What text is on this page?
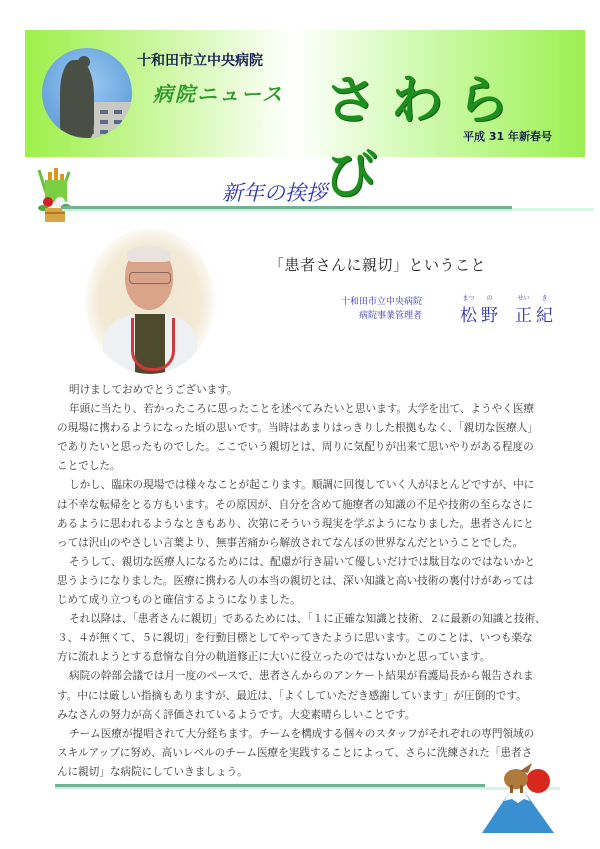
十和田市立中央病院
病院ニュース さわらび
平成 31 年新春号
新年の挨拶
「患者さんに親切」ということ
十和田市立中央病院
病院事業管理者
まつ	の	せい	き
松 野 正 紀
明けましておめでとうございます。
年頭に当たり、若かったころに思ったことを述べてみたいと思います。大学を出て、ようやく医療
の現場に携わるようになった頃の思いです。当時はあまりはっきりした根拠もなく、「親切な医療人」
でありたいと思ったものでした。ここでいう親切とは、周りに気配りが出来て思いやりがある程度の
ことでした。
しかし、臨床の現場では様々なことが起こります。順調に回復していく人がほとんどですが、中に
は不幸な転帰をとる方もいます。その原因が、自分を含めて施療者の知識の不足や技術の至らなさに
あるように思われるようなときもあり、次第にそういう現実を学ぶようになりました。患者さんにと
っては沢山のやさしい言葉より、無事苦痛から解放されてなんぼの世界なんだということでした。
そうして、親切な医療人になるためには、配慮が行き届いて優しいだけでは駄目なのではないかと
思うようになりました。医療に携わる人の本当の親切とは、深い知識と高い技術の裏付けがあっては
じめて成り立つものと確信するようになりました。
それ以降は、「患者さんに親切」であるためには、「１に正確な知識と技術、２に最新の知識と技術、
３、４が無くて、５に親切」を行動目標としてやってきたように思います。このことは、いつも楽な
方に流れようとする怠惰な自分の軌道修正に大いに役立ったのではないかと思っています。
病院の幹部会議では月一度のペースで、患者さんからのアンケート結果が看護局長から報告されま
す。中には厳しい指摘もありますが、最近は、「よくしていただき感謝しています」が圧倒的です。
みなさんの努力が高く評価されているようです。大変素晴らしいことです。
チーム医療が提唱されて大分経ちます。チームを構成する個々のスタッフがそれぞれの専門領域の
スキルアップに努め、高いレベルのチーム医療を実践することによって、さらに洗練された「患者さ
んに親切」な病院にしていきましょう。
